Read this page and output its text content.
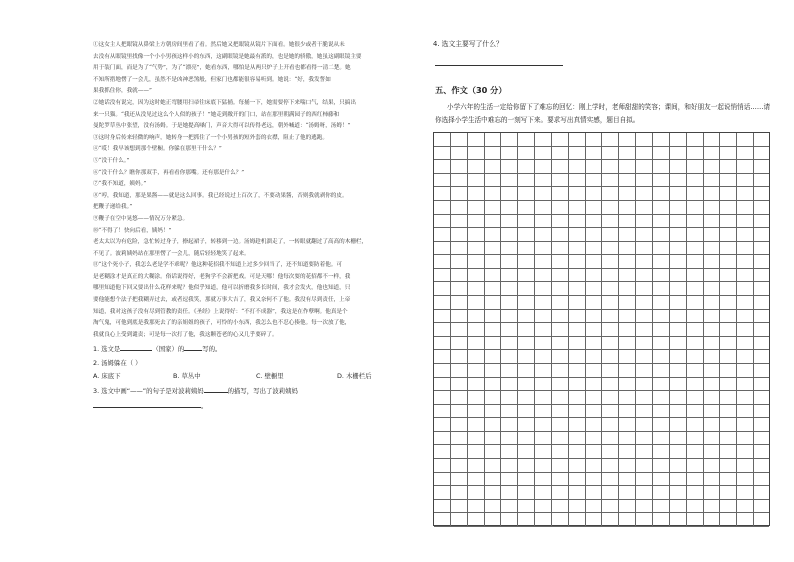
①这女主人把眼镜从鼻梁上方朝房间里看了看。然后她又把眼镜从镜片下面看。她很少或者干脆说从未

去没有从眼镜里找像一个小小男孩这样小的东西，这副眼镜是她最有派的，也是她的骄傲，她虽这副眼镜主要

用于装门面，而是为了“气势”，为了“漂亮”，她看东西，哪怕是从两只炉子上开看也都看得一清二楚。她

不知所措地愣了一会儿，虽然不是凶神恶煞般，但家门也都能很容易听到。她说：“好，我发誓如

果我抓住你，我就——”

②她话没有说完，因为这时她正弯腰用扫帚往床底下猛捅。每捅一下，她需要停下来喘口气，结果，只搞出

来一只猫。“我还从没见过这么个人似的孩子！”她走到敞开的门口，站在那里朝满园子的西红柿藤和

曼陀罗草丛中张望，没有汤姆。于是她提高嗓门，声音大得可以传得老远，朝外喊道：“汤姆呀，汤姆！”

③这时身后传来轻微的响声，她转身一把抓住了一个小男孩的短外套的衣襟，阻止了他的逃跑。

④“哎！我早该想到那个壁橱。你躲在那里干什么？”

⑤“没干什么。”

⑥“没干什么？瞧你那双手，再看看你那嘴。还有那是什么？”

⑦“我不知道，姨妈。”

⑧“哼，我知道，那是果酱——就是这么回事。我已经说过上百次了，不要动果酱，否则我就剥你的皮。

把鞭子递给我。”

⑨鞭子在空中晃悠——情况万分紧急。

⑩“不得了！快向后看，姨妈！”

老太太以为有危险，急忙转过身子，撩起裙子，转移到一边。汤姆趁机溜走了，一转眼就翻过了高高的木栅栏，

不见了。波莉姨妈站在那里愣了一会儿，随后轻轻地笑了起来。

⑪“这个死小子，我怎么老是学不乖呢？他这种花招我不知道上过多少回当了，还不知道要防着他。可

是老糊涂才是真正的大糊涂。俗话说得好，老狗学不会新把戏。可是天哪！他每次耍的花招都不一样，我

哪里知道他下回又要出什么花样来呢？他似乎知道，他可以折磨我多长时间，我才会发火，他也知道，只

要他能想个法子把我糊弄过去，或者逗我笑，那就万事大吉了，我又奈何不了他。我没有尽到责任，上帝

知道，我对这孩子没有尽到管教的责任。《圣经》上说得好：“不打不成器”，我这是在作孽啊。他真是个

淘气鬼，可他到底是我那死去了的亲姐姐的孩子，可怜的小东西，我怎么也不忍心揍他。每一次放了他，

我就良心上受到谴责；可是每一次打了他，我这颗苍老的心又几乎要碎了。

1. 选文是	（国家）的	写的。

2. 汤姆躲在（ ）

A. 床底下	B. 草丛中	C. 壁橱里	D. 木栅栏后

3. 选文中画“——”的句子是对波莉姨妈	的描写，写出了波莉姨妈

。

4. 选文主要写了什么？
五、作文（30 分）
小学六年的生活一定给你留下了难忘的回忆：刚上学时，老师甜甜的笑容；课间，和好朋友一起说悄悄话……请你选择小学生活中难忘的一刻写下来。要求写出真情实感，题目自拟。
